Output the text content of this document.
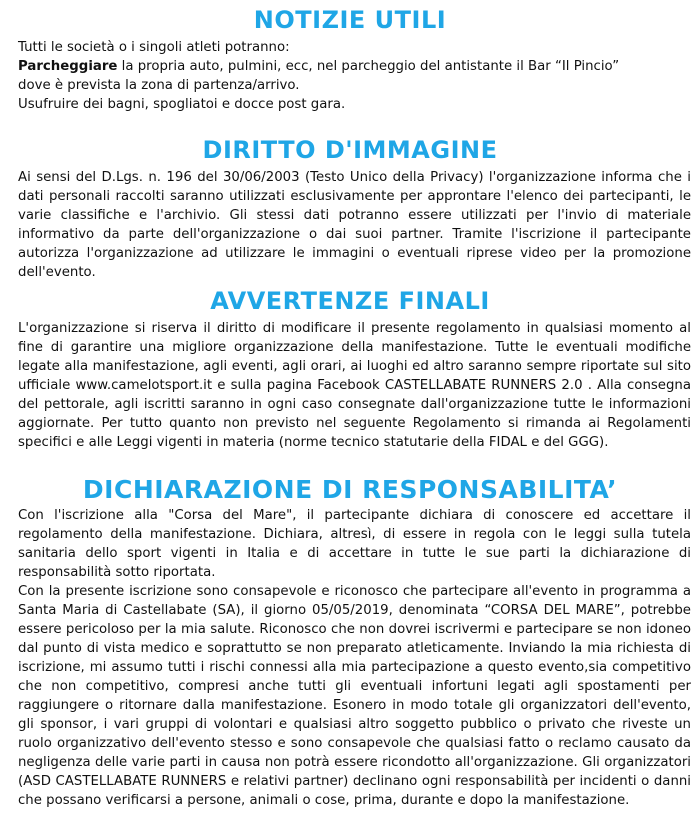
NOTIZIE UTILI

Tutti le società o i singoli atleti potranno:

Parcheggiare la propria auto, pulmini, ecc, nel parcheggio del antistante il Bar “Il Pincio”

dove è prevista la zona di partenza/arrivo.

Usufruire dei bagni, spogliatoi e docce post gara.

DIRITTO D'IMMAGINE

Ai sensi del D.Lgs. n. 196 del 30/06/2003 (Testo Unico della Privacy) l'organizzazione informa che i dati personali raccolti saranno utilizzati esclusivamente per approntare l'elenco dei partecipanti, le varie classifiche e l'archivio. Gli stessi dati potranno essere utilizzati per l'invio di materiale informativo da parte dell'organizzazione o dai suoi partner. Tramite l'iscrizione il partecipante autorizza l'organizzazione ad utilizzare le immagini o eventuali riprese video per la promozione dell'evento.

AVVERTENZE FINALI

L'organizzazione si riserva il diritto di modificare il presente regolamento in qualsiasi momento al fine di garantire una migliore organizzazione della manifestazione. Tutte le eventuali modifiche legate alla manifestazione, agli eventi, agli orari, ai luoghi ed altro saranno sempre riportate sul sito ufficiale www.camelotsport.it e sulla pagina Facebook CASTELLABATE RUNNERS 2.0 . Alla consegna del pettorale, agli iscritti saranno in ogni caso consegnate dall'organizzazione tutte le informazioni aggiornate. Per tutto quanto non previsto nel seguente Regolamento si rimanda ai Regolamenti specifici e alle Leggi vigenti in materia (norme tecnico statutarie della FIDAL e del GGG).

DICHIARAZIONE DI RESPONSABILITA’

Con l'iscrizione alla "Corsa del Mare", il partecipante dichiara di conoscere ed accettare il regolamento della manifestazione. Dichiara, altresì, di essere in regola con le leggi sulla tutela sanitaria dello sport vigenti in Italia e di accettare in tutte le sue parti la dichiarazione di responsabilità sotto riportata.

Con la presente iscrizione sono consapevole e riconosco che partecipare all'evento in programma a Santa Maria di Castellabate (SA), il giorno 05/05/2019, denominata “CORSA DEL MARE”, potrebbe essere pericoloso per la mia salute. Riconosco che non dovrei iscrivermi e partecipare se non idoneo dal punto di vista medico e soprattutto se non preparato atleticamente. Inviando la mia richiesta di iscrizione, mi assumo tutti i rischi connessi alla mia partecipazione a questo evento,sia competitivo che non competitivo, compresi anche tutti gli eventuali infortuni legati agli spostamenti per raggiungere o ritornare dalla manifestazione. Esonero in modo totale gli organizzatori dell'evento, gli sponsor, i vari gruppi di volontari e qualsiasi altro soggetto pubblico o privato che riveste un ruolo organizzativo dell'evento stesso e sono consapevole che qualsiasi fatto o reclamo causato da negligenza delle varie parti in causa non potrà essere ricondotto all'organizzazione. Gli organizzatori (ASD CASTELLABATE RUNNERS e relativi partner) declinano ogni responsabilità per incidenti o danni che possano verificarsi a persone, animali o cose, prima, durante e dopo la manifestazione.
